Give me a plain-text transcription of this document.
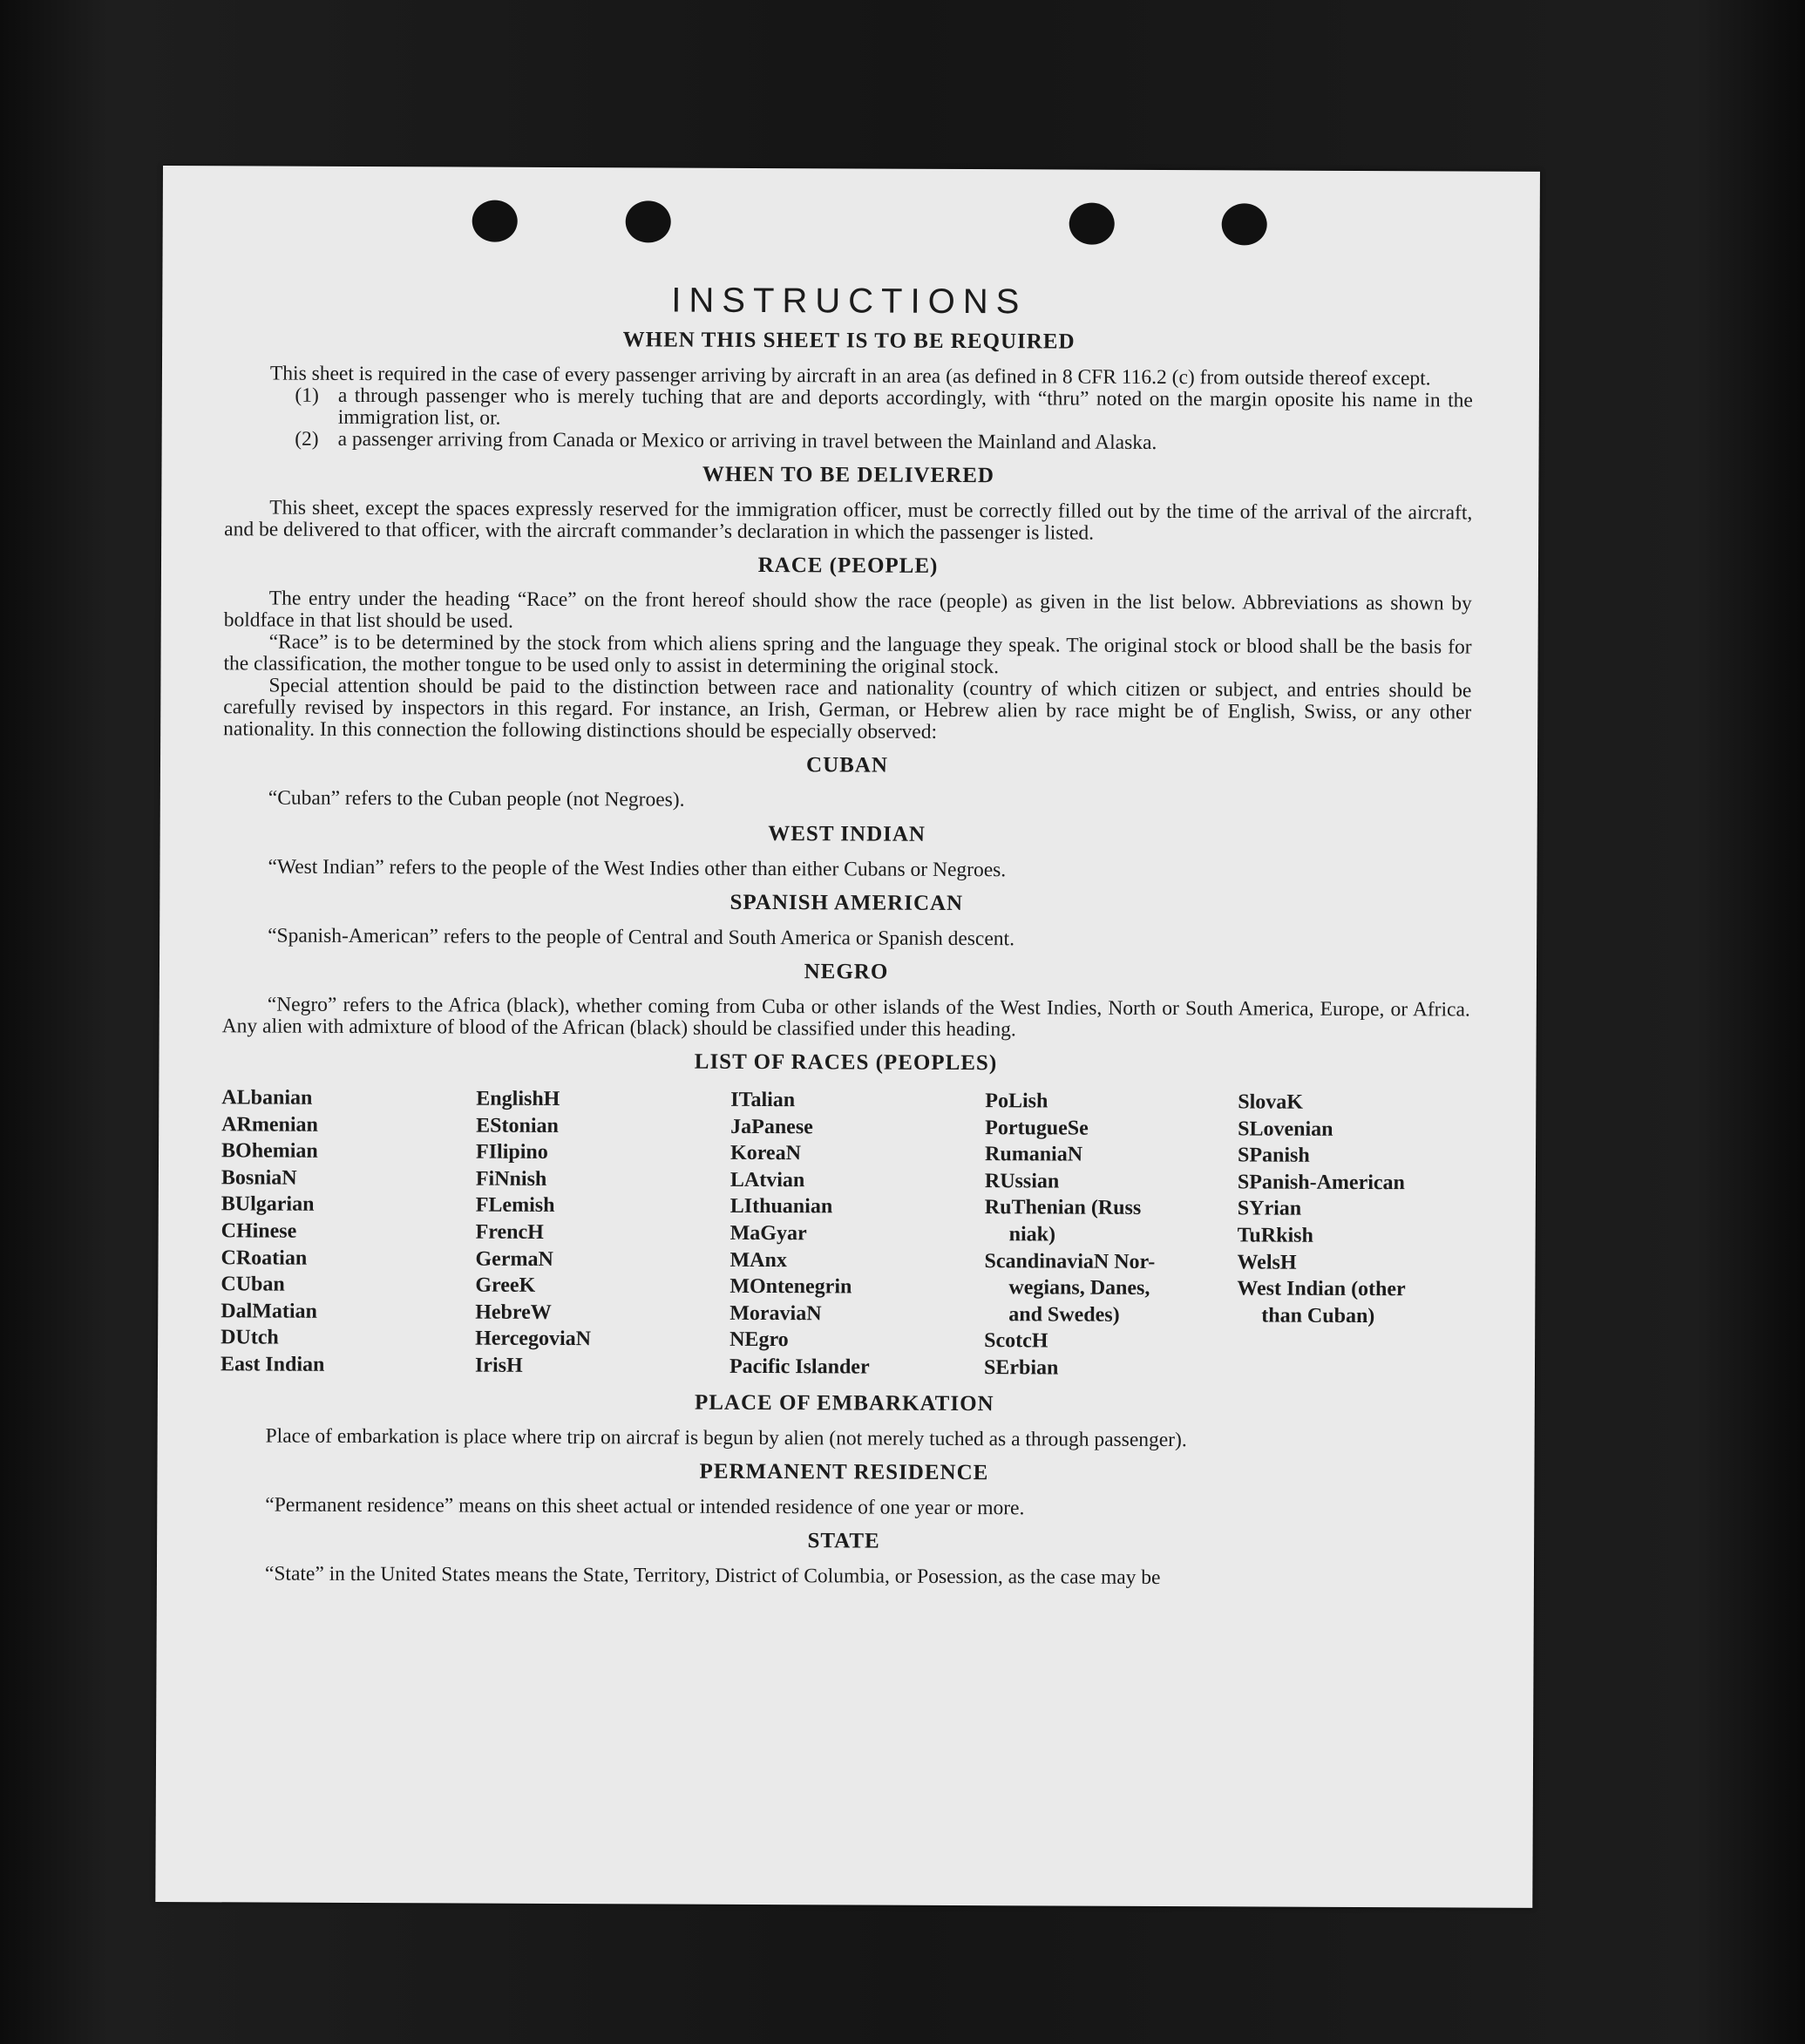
INSTRUCTIONS
WHEN THIS SHEET IS TO BE REQUIRED

This sheet is required in the case of every passenger arriving by aircraft in an area (as defined in 8 CFR 116.2 (c) from outside thereof except.

(1) a through passenger who is merely tuching that are and deports accordingly, with “thru” noted on the margin oposite his name in the immigration list, or.
(2) a passenger arriving from Canada or Mexico or arriving in travel between the Mainland and Alaska.
WHEN TO BE DELIVERED

This sheet, except the spaces expressly reserved for the immigration officer, must be correctly filled out by the time of the arrival of the aircraft, and be delivered to that officer, with the aircraft commander’s declaration in which the passenger is listed.

RACE (PEOPLE)

The entry under the heading “Race” on the front hereof should show the race (people) as given in the list below. Abbreviations as shown by boldface in that list should be used.

“Race” is to be determined by the stock from which aliens spring and the language they speak. The original stock or blood shall be the basis for the classification, the mother tongue to be used only to assist in determining the original stock.

Special attention should be paid to the distinction between race and nationality (country of which citizen or subject, and entries should be carefully revised by inspectors in this regard. For instance, an Irish, German, or Hebrew alien by race might be of English, Swiss, or any other nationality. In this connection the following distinctions should be especially observed:

CUBAN

“Cuban” refers to the Cuban people (not Negroes).

WEST INDIAN

“West Indian” refers to the people of the West Indies other than either Cubans or Negroes.

SPANISH AMERICAN

“Spanish-American” refers to the people of Central and South America or Spanish descent.

NEGRO

“Negro” refers to the Africa (black), whether coming from Cuba or other islands of the West Indies, North or South America, Europe, or Africa. Any alien with admixture of blood of the African (black) should be classified under this heading.

LIST OF RACES (PEOPLES)
ALbanian
ARmenian
BOhemian
BosniaN
BUlgarian
CHinese
CRoatian
CUban
DalMatian
DUtch
East Indian
EnglishH
EStonian
FIlipino
FiNnish
FLemish
FrencH
GermaN
GreeK
HebreW
HercegoviaN
IrisH
ITalian
JaPanese
KoreaN
LAtvian
LIthuanian
MaGyar
MAnx
MOntenegrin
MoraviaN
NEgro
Pacific Islander
PoLish
PortugueSe
RumaniaN
RUssian
RuThenian (Russ
niak)
ScandinaviaN Nor-
wegians, Danes,
and Swedes)
ScotcH
SErbian
SlovaK
SLovenian
SPanish
SPanish-American
SYrian
TuRkish
WelsH
West Indian (other
than Cuban)
PLACE OF EMBARKATION

Place of embarkation is place where trip on aircraf is begun by alien (not merely tuched as a through passenger).

PERMANENT RESIDENCE

“Permanent residence” means on this sheet actual or intended residence of one year or more.

STATE

“State” in the United States means the State, Territory, District of Columbia, or Posession, as the case may be
